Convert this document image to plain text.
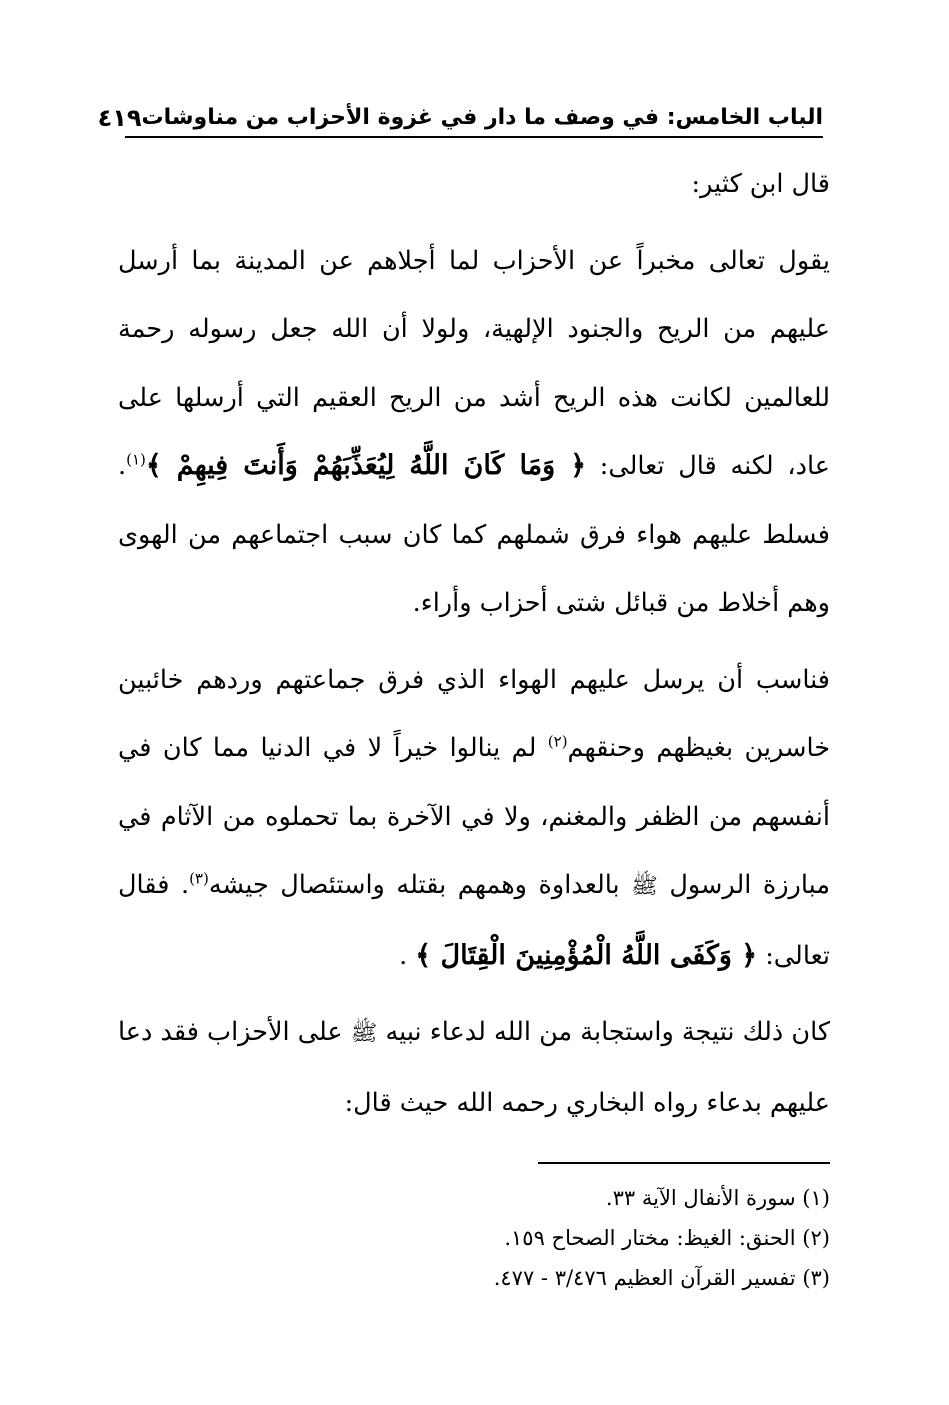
الباب الخامس: في وصف ما دار في غزوة الأحزاب من مناوشات
٤١٩

قال ابن كثير:

يقول تعالى مخبراً عن الأحزاب لما أجلاهم عن المدينة بما أرسل عليهم من الريح والجنود الإلهية، ولولا أن الله جعل رسوله رحمة للعالمين لكانت هذه الريح أشد من الريح العقيم التي أرسلها على عاد، لكنه قال تعالى: ﴿ وَمَا كَانَ اللَّهُ لِيُعَذِّبَهُمْ وَأَنتَ فِيهِمْ ﴾$^{(١)}$. فسلط عليهم هواء فرق شملهم كما كان سبب اجتماعهم من الهوى وهم أخلاط من قبائل شتى أحزاب وأراء.

فناسب أن يرسل عليهم الهواء الذي فرق جماعتهم وردهم خائبين خاسرين بغيظهم وحنقهم$^{(٢)}$ لم ينالوا خيراً لا في الدنيا مما كان في أنفسهم من الظفر والمغنم، ولا في الآخرة بما تحملوه من الآثام في مبارزة الرسول ﷺ بالعداوة وهمهم بقتله واستئصال جيشه$^{(٣)}$. فقال تعالى: ﴿ وَكَفَى اللَّهُ الْمُؤْمِنِينَ الْقِتَالَ ﴾ .

كان ذلك نتيجة واستجابة من الله لدعاء نبيه ﷺ على الأحزاب فقد دعا عليهم بدعاء رواه البخاري رحمه الله حيث قال:

(١) سورة الأنفال الآية ٣٣.

(٢) الحنق: الغيظ: مختار الصحاح ١٥٩.

(٣) تفسير القرآن العظيم ٣/٤٧٦ - ٤٧٧.
